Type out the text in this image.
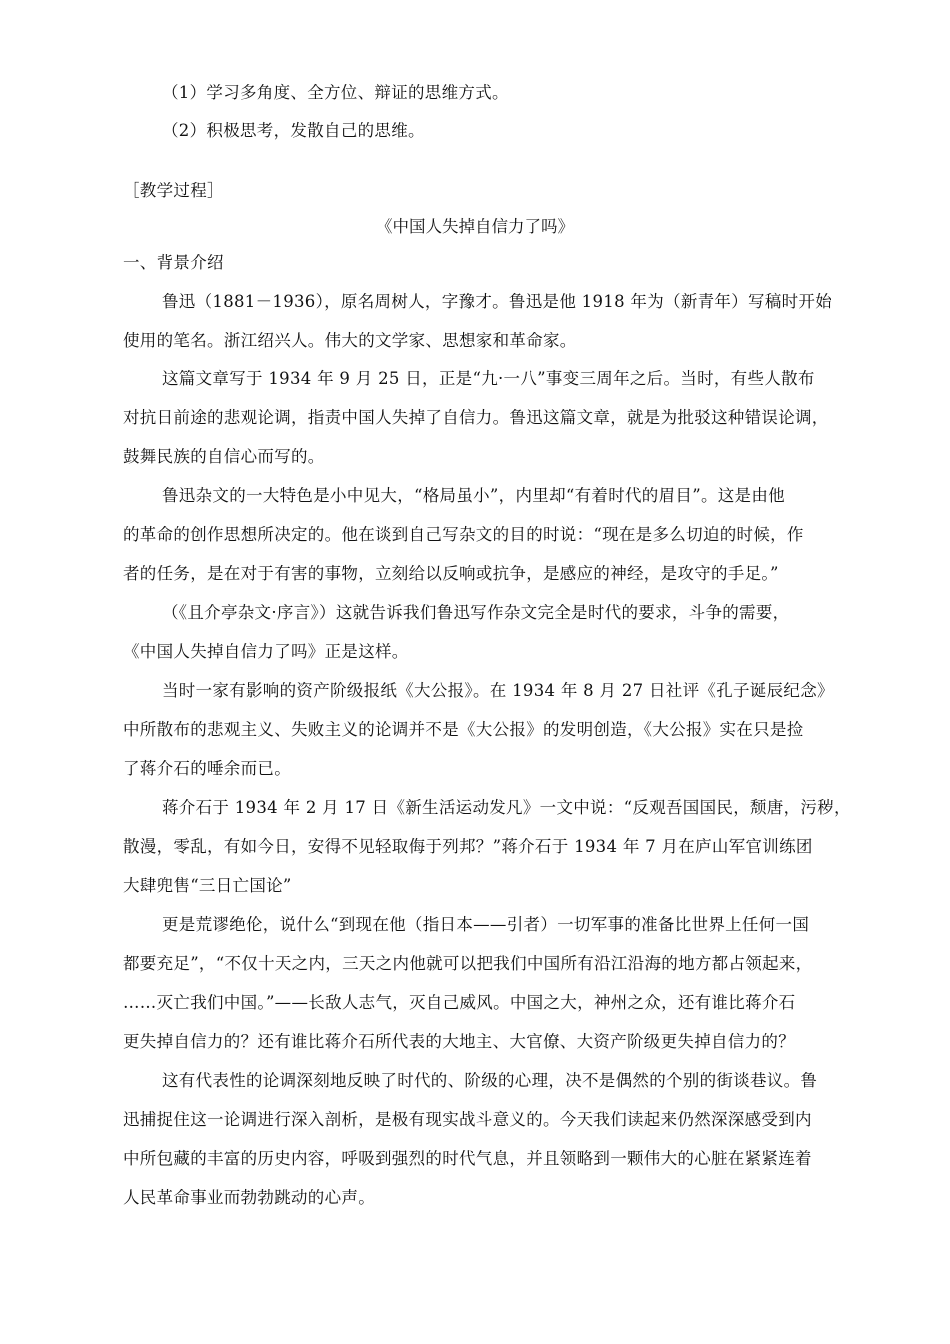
（1）学习多角度、全方位、辩证的思维方式。

（2）积极思考，发散自己的思维。

［教学过程］

《中国人失掉自信力了吗》

一、背景介绍

鲁迅（1881－1936），原名周树人，字豫才。鲁迅是他 1918 年为（新青年）写稿时开始

使用的笔名。浙江绍兴人。伟大的文学家、思想家和革命家。

这篇文章写于 1934 年 9 月 25 日，正是“九·一八”事变三周年之后。当时，有些人散布

对抗日前途的悲观论调，指责中国人失掉了自信力。鲁迅这篇文章，就是为批驳这种错误论调，

鼓舞民族的自信心而写的。

鲁迅杂文的一大特色是小中见大，“格局虽小”，内里却“有着时代的眉目”。这是由他

的革命的创作思想所决定的。他在谈到自己写杂文的目的时说：“现在是多么切迫的时候，作

者的任务，是在对于有害的事物，立刻给以反响或抗争，是感应的神经，是攻守的手足。”

（《且介亭杂文·序言》）这就告诉我们鲁迅写作杂文完全是时代的要求，斗争的需要，

《中国人失掉自信力了吗》正是这样。

当时一家有影响的资产阶级报纸《大公报》。在 1934 年 8 月 27 日社评《孔子诞辰纪念》

中所散布的悲观主义、失败主义的论调并不是《大公报》的发明创造，《大公报》实在只是捡

了蒋介石的唾余而已。

蒋介石于 1934 年 2 月 17 日《新生活运动发凡》一文中说：“反观吾国国民，颓唐，污秽，

散漫，零乱，有如今日，安得不见轻取侮于列邦？”蒋介石于 1934 年 7 月在庐山军官训练团

大肆兜售“三日亡国论”

更是荒谬绝伦，说什么“到现在他（指日本——引者）一切军事的准备比世界上任何一国

都要充足”，“不仅十天之内，三天之内他就可以把我们中国所有沿江沿海的地方都占领起来，

……灭亡我们中国。”——长敌人志气，灭自己威风。中国之大，神州之众，还有谁比蒋介石

更失掉自信力的？还有谁比蒋介石所代表的大地主、大官僚、大资产阶级更失掉自信力的？

这有代表性的论调深刻地反映了时代的、阶级的心理，决不是偶然的个别的街谈巷议。鲁

迅捕捉住这一论调进行深入剖析，是极有现实战斗意义的。今天我们读起来仍然深深感受到内

中所包藏的丰富的历史内容，呼吸到强烈的时代气息，并且领略到一颗伟大的心脏在紧紧连着

人民革命事业而勃勃跳动的心声。
